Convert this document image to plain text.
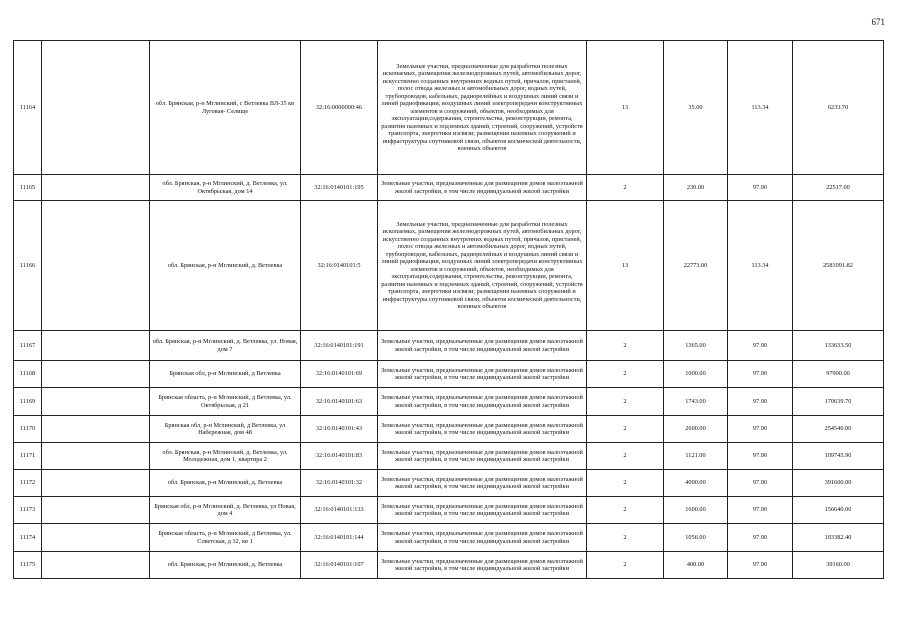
671
11164		обл. Брянская, р-н Мглинский, с Ветлевка ВЛ-35 кв Луговая- Селище	32:16:0000000:46	Земельные участки, предназначенные для разработки полезных ископаемых, размещения железнодорожных путей, автомобильных дорог, искусственно созданных внутренних водных путей, причалов, пристаней, полос отвода железных и автомобильных дорог, водных путей, трубопроводов, кабельных, радиорелейных и воздушных линий связи и линий радиофикации, воздушных линий электропередачи конструктивных элементов и сооружений, объектов, необходимых для эксплуатации,содержания, строительства, реконструкции, ремонта, развития наземных и подземных зданий, строений, сооружений, устройств транспорта, энергетики изсвязи; размещения наземных сооружений и инфраструктуры спутниковой связи, объектов космической деятельности, военных объектов	13	35.00	113.34	6233.70
11165		обл. Брянская, р-н Мглинский, д. Ветлевка, ул. Октябрьская, дом 14	32:16:0140101:195	Земельные участки, предназначенные для размещения домов малоэтажной жилой застройки, в том числе индивидуальной жилой застройки	2	230.00	97.90	22517.00
11166		обл. Брянская, р-н Мглинский, д. Ветлевка	32:16:0140101:5	Земельные участки, предназначенные для разработки полезных ископаемых, размещения железнодорожных путей, автомобильных дорог, искусственно созданных внутренних водных путей, причалов, пристаней, полос отвода железных и автомобильных дорог, водных путей, трубопроводов, кабельных, радиорелейных и воздушных линий связи и линий радиофикации, воздушных линий электропередачи конструктивных элементов и сооружений, объектов, необходимых для эксплуатации,содержания, строительства, реконструкции, ремонта, развития наземных и подземных зданий, строений, сооружений, устройств транспорта, энергетики изсвязи; размещения наземных сооружений и инфраструктуры спутниковой связи, объектов космической деятельности, военных объектов	13	22773.00	113.34	2581091.82
11167		обл. Брянская, р-н Мглинский, д. Ветлевка, ул. Новая, дом 7	32:16:0140101:191	Земельные участки, предназначенные для размещения домов малоэтажной жилой застройки, в том числе индивидуальной жилой застройки	2	1365.00	97.90	133633.50
11168		Брянская обл, р-н Мглинский, д Ветлевка	32:16:0140101:69	Земельные участки, предназначенные для размещения домов малоэтажной жилой застройки, в том числе индивидуальной жилой застройки	2	1000.00	97.90	97900.00
11169		Брянская область, р-н Мглинский, д Ветлевка, ул. Октябрьская, д 21	32:16:0140101:63	Земельные участки, предназначенные для размещения домов малоэтажной жилой застройки, в том числе индивидуальной жилой застройки	2	1743.00	97.90	170639.70
11170		Брянская обл, р-н Мглинский, д Ветлевка, ул Набережная, дом 48	32:16:0140101:43	Земельные участки, предназначенные для размещения домов малоэтажной жилой застройки, в том числе индивидуальной жилой застройки	2	2600.00	97.90	254540.00
11171		обл. Брянская, р-н Мглинский, д. Ветлевка, ул. Молодежная, дом 1, квартира 2	32:16:0140101:83	Земельные участки, предназначенные для размещения домов малоэтажной жилой застройки, в том числе индивидуальной жилой застройки	2	1121.00	97.90	109745.90
11172		обл. Брянская, р-н Мглинский, д. Ветлевка	32:16:0140101:32	Земельные участки, предназначенные для размещения домов малоэтажной жилой застройки, в том числе индивидуальной жилой застройки	2	4000.00	97.90	391600.00
11173		Брянская обл, р-н Мглинский, д. Ветлевка, ул Новая, дом 4	32:16:0140101:133	Земельные участки, предназначенные для размещения домов малоэтажной жилой застройки, в том числе индивидуальной жилой застройки	2	1600.00	97.90	156640.00
11174		Брянская область, р-н Мглинский, д Ветлевка, ул. Советская, д 32, кв 1	32:16:0140101:144	Земельные участки, предназначенные для размещения домов малоэтажной жилой застройки, в том числе индивидуальной жилой застройки	2	1056.00	97.90	103382.40
11175		обл. Брянская, р-н Мглинский, д. Ветлевка	32:16:0140101:107	Земельные участки, предназначенные для размещения домов малоэтажной жилой застройки, в том числе индивидуальной жилой застройки	2	400.00	97.90	39160.00
